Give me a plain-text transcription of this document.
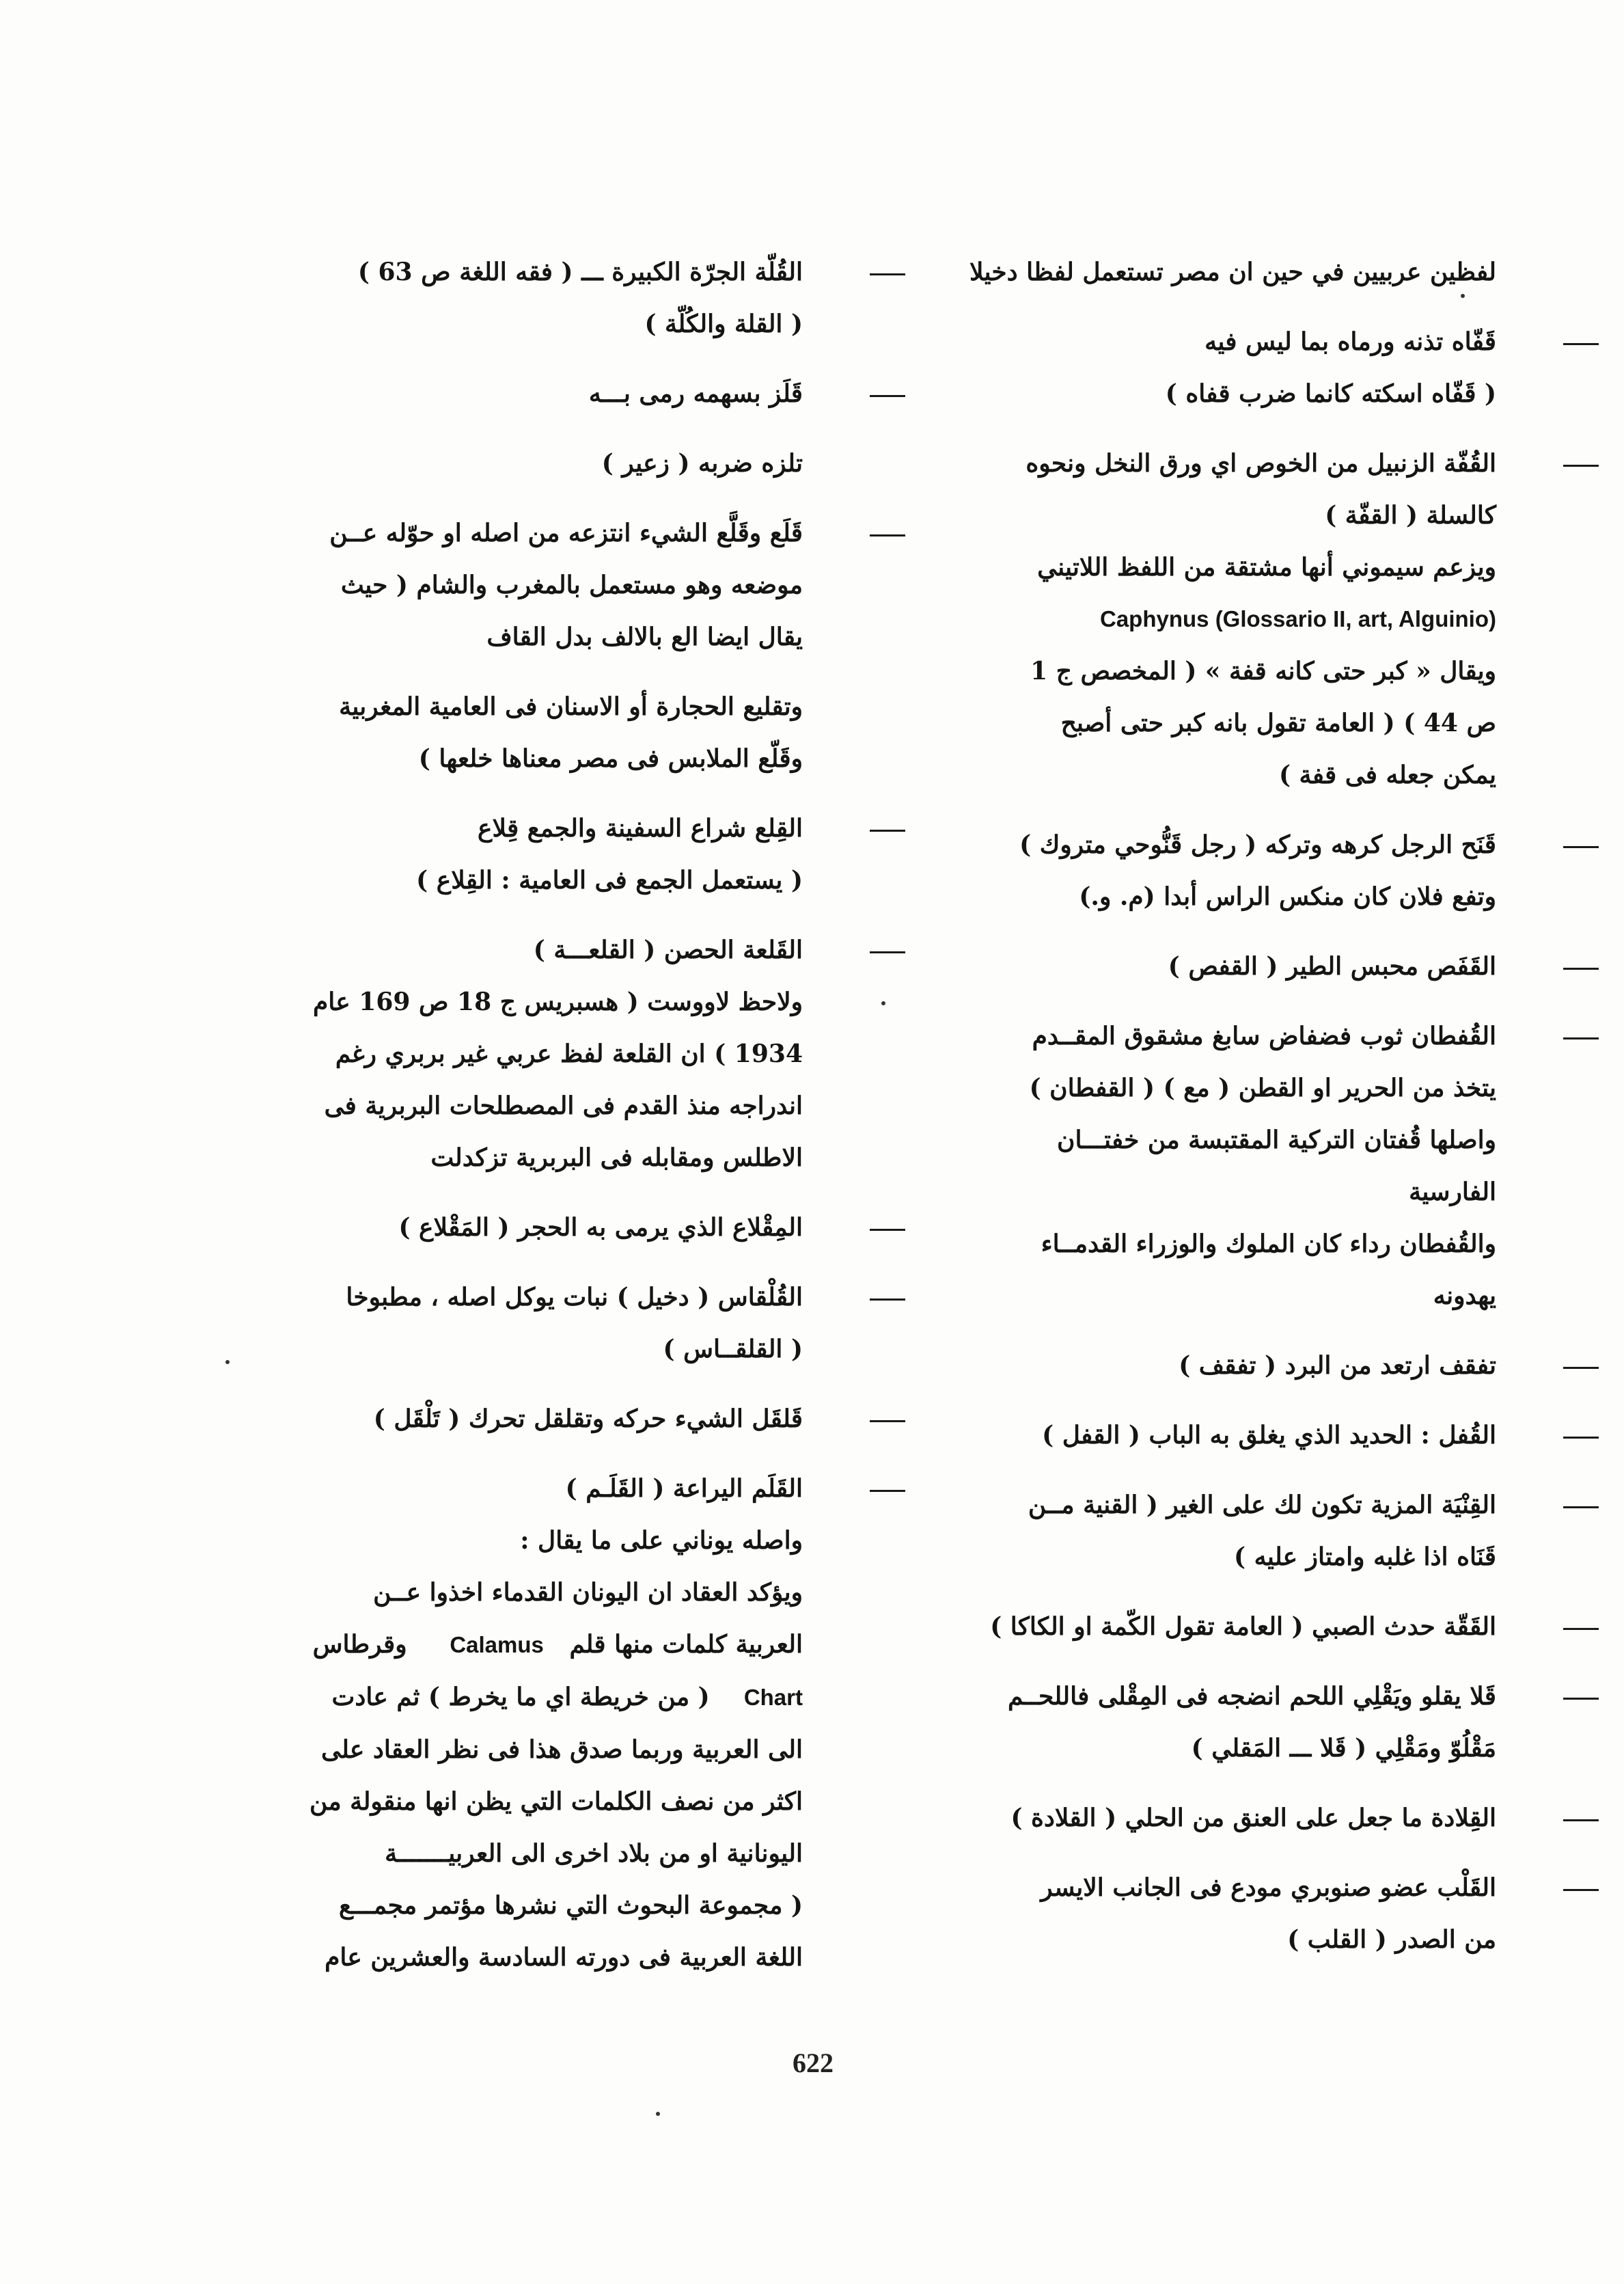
لفظين عربيين في حين ان مصر تستعمل لفظا دخيلا
قَفّاه تذنه ورماه بما ليس فيه
( قَفّاه اسكته كانما ضرب قفاه )
القُفّة الزنبيل من الخوص اي ورق النخل ونحوه
كالسلة ( القفّة )
ويزعم سيموني أنها مشتقة من اللفظ اللاتيني
Caphynus (Glossario II, art, Alguinio)
ويقال « كبر حتى كانه قفة » ( المخصص ج 1
ص 44 ) ( العامة تقول بانه كبر حتى أصبح
يمكن جعله فى قفة )
قَنَح الرجل كرهه وتركه ( رجل قَنُّوحي متروك )
وتفع فلان كان منكس الراس أبدا (م. و.)
القَفَص محبس الطير ( القفص )
القُفطان ثوب فضفاض سابغ مشقوق المقــدم
يتخذ من الحرير او القطن ( مع ) ( القفطان )
واصلها قُفتان التركية المقتبسة من خفتـــان
الفارسية
والقُفطان رداء كان الملوك والوزراء القدمــاء
يهدونه
تفقف ارتعد من البرد ( تفقف )
القُفل : الحديد الذي يغلق به الباب ( القفل )
القِنْيَة المزية تكون لك على الغير ( القنية مــن
قَنَاه اذا غلبه وامتاز عليه )
القَقّة حدث الصبي ( العامة تقول الكّمة او الكاكا )
قَلا يقلو ويَقْلِي اللحم انضجه فى المِقْلى فاللحــم
مَقْلُوّ ومَقْلِي ( قَلا ـــ المَقلي )
القِلادة ما جعل على العنق من الحلي ( القلادة )
القَلْب عضو صنوبري مودع فى الجانب الايسر
من الصدر ( القلب )
القُلّة الجرّة الكبيرة ـــ ( فقه اللغة ص 63 )
( القلة والكُلّة )
قَلَز بسهمه رمى بـــه
تلزه ضربه ( زعير )
قَلَع وقَلَّع الشيء انتزعه من اصله او حوّله عــن
موضعه وهو مستعمل بالمغرب والشام ( حيث
يقال ايضا الع بالالف بدل القاف
وتقليع الحجارة أو الاسنان فى العامية المغربية
وقَلّع الملابس فى مصر معناها خلعها )
القِلع شراع السفينة والجمع قِلاع
( يستعمل الجمع فى العامية : القِلاع )
القَلعة الحصن ( القلعـــة )
ولاحظ لاووست ( هسبريس ج 18 ص 169 عام
1934 ) ان القلعة لفظ عربي غير بربري رغم
اندراجه منذ القدم فى المصطلحات البربرية فى
الاطلس ومقابله فى البربرية تزكدلت
المِقْلاع الذي يرمى به الحجر ( المَقْلاع )
القُلْقاس ( دخيل ) نبات يوكل اصله ، مطبوخا
( القلقــاس )
قَلقَل الشيء حركه وتقلقل تحرك ( تَلْقَل )
القَلَم اليراعة ( القَلَـم )
واصله يوناني على ما يقال :
ويؤكد العقاد ان اليونان القدماء اخذوا عــن
العربية كلمات منها قلم   Calamus     وقرطاس
Chart    ( من خريطة اي ما يخرط ) ثم عادت
الى العربية وربما صدق هذا فى نظر العقاد على
اكثر من نصف الكلمات التي يظن انها منقولة من
اليونانية او من بلاد اخرى الى العربيـــــــة
( مجموعة البحوث التي نشرها مؤتمر مجمـــع
اللغة العربية فى دورته السادسة والعشرين عام
622
